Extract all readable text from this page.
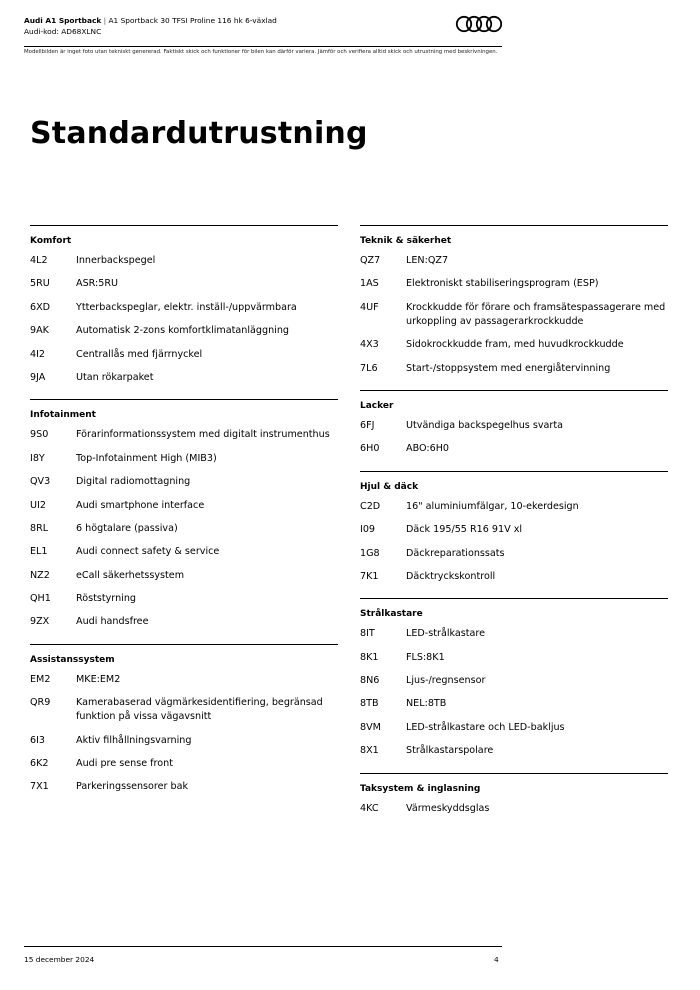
Audi A1 Sportback | A1 Sportback 30 TFSI Proline 116 hk 6-växlad
Audi-kod: AD68XLNC
Modellbilden är inget foto utan tekniskt genererad. Faktiskt skick och funktioner för bilen kan därför variera. Jämför och verifiera alltid skick och utrustning med beskrivningen.
Standardutrustning
Komfort
4L2	Innerbackspegel
5RU	ASR:5RU
6XD	Ytterbackspeglar, elektr. inställ-/uppvärmbara
9AK	Automatisk 2-zons komfortklimatanläggning
4I2	Centrallås med fjärrnyckel
9JA	Utan rökarpaket
Infotainment
9S0	Förarinformationssystem med digitalt instrumenthus
I8Y	Top-Infotainment High (MIB3)
QV3	Digital radiomottagning
UI2	Audi smartphone interface
8RL	6 högtalare (passiva)
EL1	Audi connect safety & service
NZ2	eCall säkerhetssystem
QH1	Röststyrning
9ZX	Audi handsfree
Assistanssystem
EM2	MKE:EM2
QR9	Kamerabaserad vägmärkesidentifiering, begränsad funktion på vissa vägavsnitt
6I3	Aktiv filhållningsvarning
6K2	Audi pre sense front
7X1	Parkeringssensorer bak
Teknik & säkerhet
QZ7	LEN:QZ7
1AS	Elektroniskt stabiliseringsprogram (ESP)
4UF	Krockkudde för förare och framsätespassagerare med urkoppling av passagerarkrockkudde
4X3	Sidokrockkudde fram, med huvudkrockkudde
7L6	Start-/stoppsystem med energiåtervinning
Lacker
6FJ	Utvändiga backspegelhus svarta
6H0	ABO:6H0
Hjul & däck
C2D	16" aluminiumfälgar, 10-ekerdesign
I09	Däck 195/55 R16 91V xl
1G8	Däckreparationssats
7K1	Däcktryckskontroll
Strålkastare
8IT	LED-strålkastare
8K1	FLS:8K1
8N6	Ljus-/regnsensor
8TB	NEL:8TB
8VM	LED-strålkastare och LED-bakljus
8X1	Strålkastarspolare
Taksystem & inglasning
4KC	Värmeskyddsglas
15 december 2024	4
